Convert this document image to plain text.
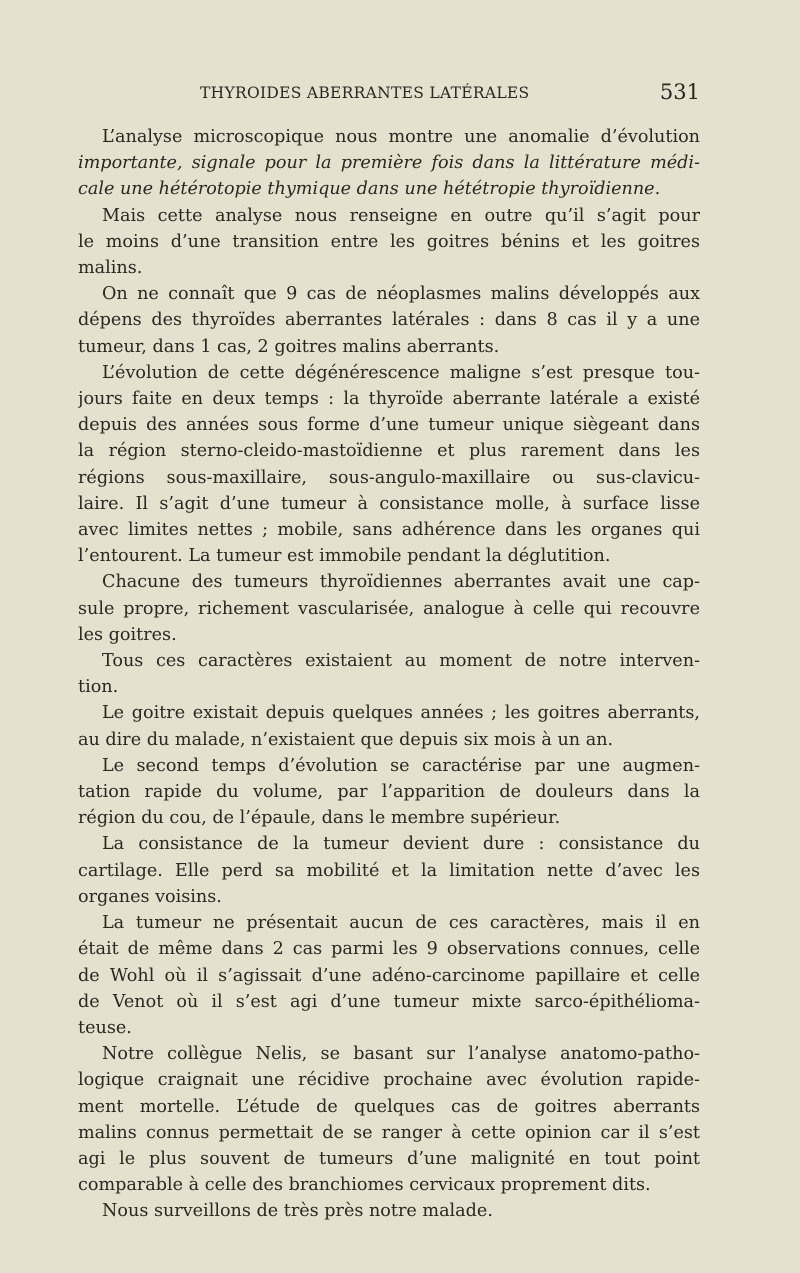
THYROIDES ABERRANTES LATÉRALES	531
L’analyse microscopique nous montre une anomalie d’évolution
importante, signale pour la première fois dans la littérature médi-
cale une hétérotopie thymique dans une hététropie thyroïdienne.
Mais cette analyse nous renseigne en outre qu’il s’agit pour
le moins d’une transition entre les goitres bénins et les goitres
malins.
On ne connaît que 9 cas de néoplasmes malins développés aux
dépens des thyroïdes aberrantes latérales : dans 8 cas il y a une
tumeur, dans 1 cas, 2 goitres malins aberrants.
L’évolution de cette dégénérescence maligne s’est presque tou-
jours faite en deux temps : la thyroïde aberrante latérale a existé
depuis des années sous forme d’une tumeur unique siègeant dans
la région sterno-cleido-mastoïdienne et plus rarement dans les
régions sous-maxillaire, sous-angulo-maxillaire ou sus-clavicu-
laire. Il s’agit d’une tumeur à consistance molle, à surface lisse
avec limites nettes ; mobile, sans adhérence dans les organes qui
l’entourent. La tumeur est immobile pendant la déglutition.
Chacune des tumeurs thyroïdiennes aberrantes avait une cap-
sule propre, richement vascularisée, analogue à celle qui recouvre
les goitres.
Tous ces caractères existaient au moment de notre interven-
tion.
Le goitre existait depuis quelques années ; les goitres aberrants,
au dire du malade, n’existaient que depuis six mois à un an.
Le second temps d’évolution se caractérise par une augmen-
tation rapide du volume, par l’apparition de douleurs dans la
région du cou, de l’épaule, dans le membre supérieur.
La consistance de la tumeur devient dure : consistance du
cartilage. Elle perd sa mobilité et la limitation nette d’avec les
organes voisins.
La tumeur ne présentait aucun de ces caractères, mais il en
était de même dans 2 cas parmi les 9 observations connues, celle
de Wohl où il s’agissait d’une adéno-carcinome papillaire et celle
de Venot où il s’est agi d’une tumeur mixte sarco-épithélioma-
teuse.
Notre collègue Nelis, se basant sur l’analyse anatomo-patho-
logique craignait une récidive prochaine avec évolution rapide-
ment mortelle. L’étude de quelques cas de goitres aberrants
malins connus permettait de se ranger à cette opinion car il s’est
agi le plus souvent de tumeurs d’une malignité en tout point
comparable à celle des branchiomes cervicaux proprement dits.
Nous surveillons de très près notre malade.
